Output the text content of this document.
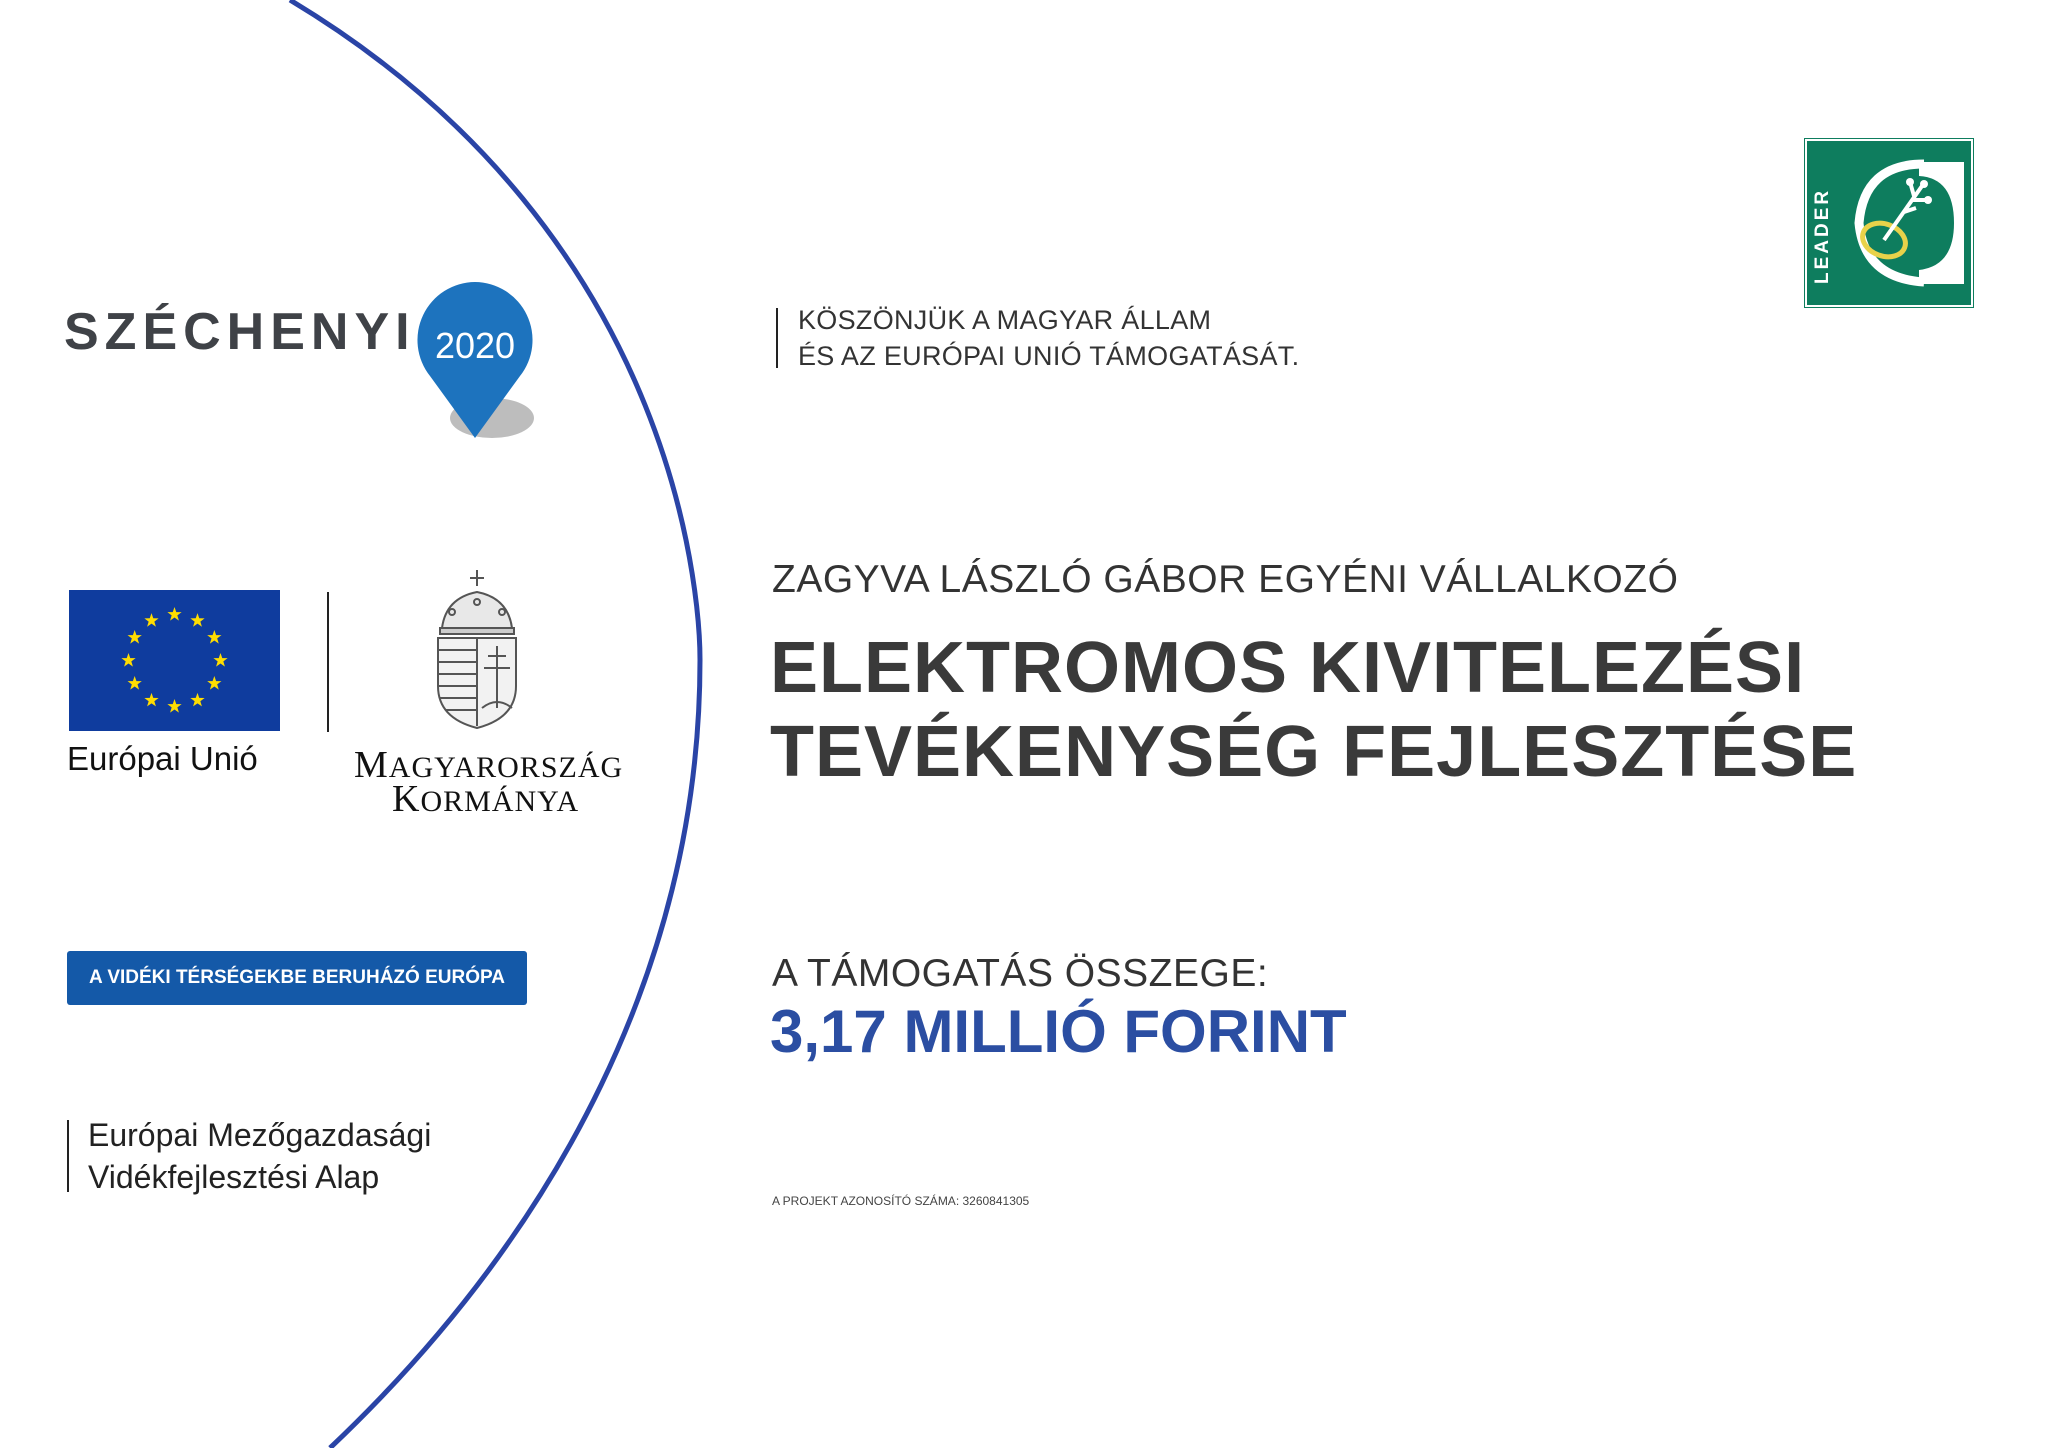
SZÉCHENYI 2020
Európai Unió	MAGYARORSZÁG
KORMÁNYA
A VIDÉKI TÉRSÉGEKBE BERUHÁZÓ EURÓPA
Európai Mezőgazdasági
Vidékfejlesztési Alap
KÖSZÖNJÜK A MAGYAR ÁLLAM
ÉS AZ EURÓPAI UNIÓ TÁMOGATÁSÁT.
LEADER
ZAGYVA LÁSZLÓ GÁBOR EGYÉNI VÁLLALKOZÓ
ELEKTROMOS KIVITELEZÉSI
TEVÉKENYSÉG FEJLESZTÉSE
A TÁMOGATÁS ÖSSZEGE:
3,17 MILLIÓ FORINT
A PROJEKT AZONOSÍTÓ SZÁMA: 3260841305
